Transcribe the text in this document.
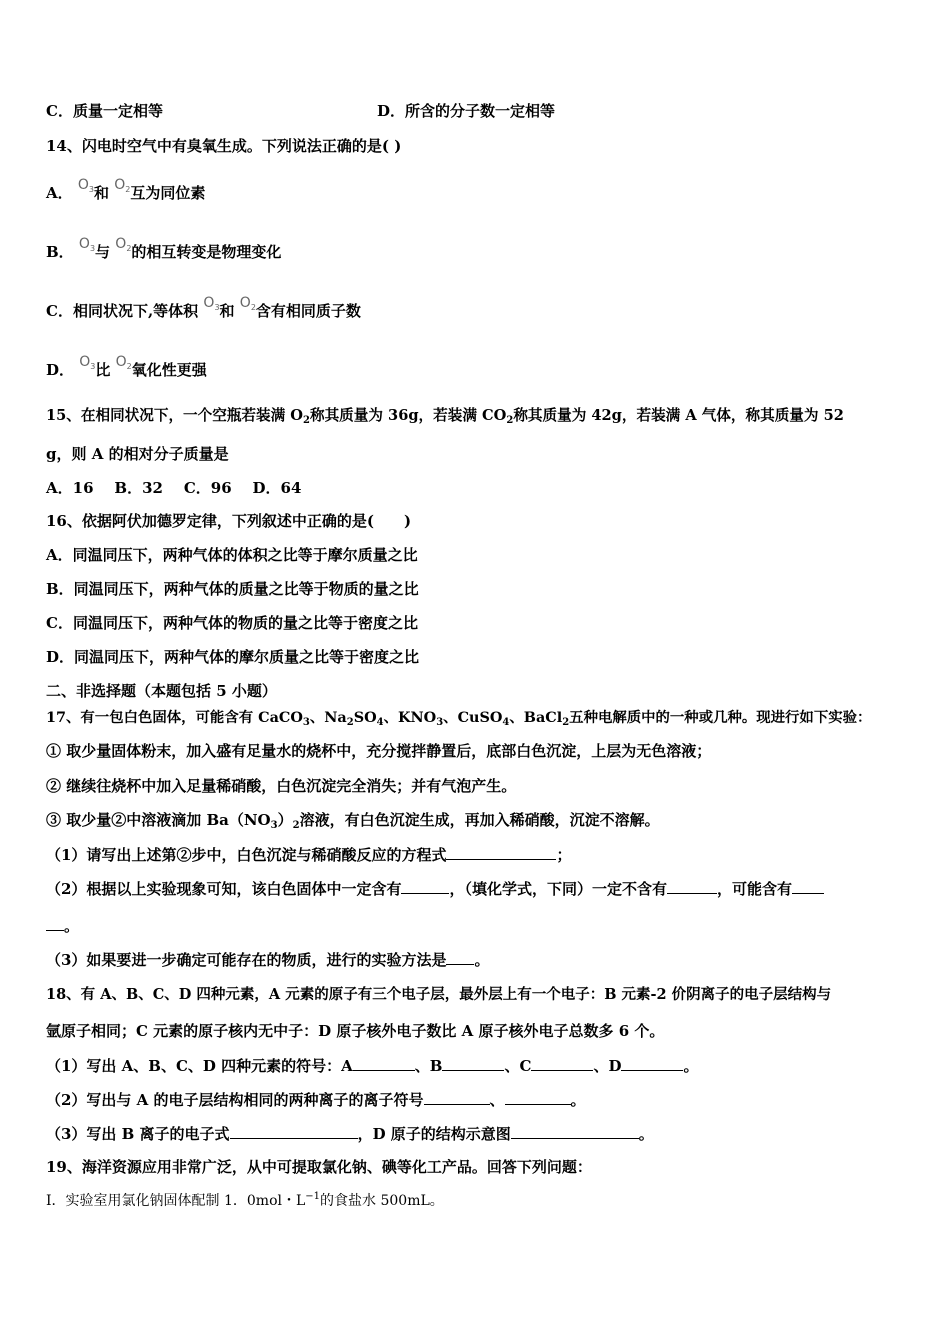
C．质量一定相等	D．所含的分子数一定相等
14、闪电时空气中有臭氧生成。下列说法正确的是( )
A． $O_3$和 $O_2$互为同位素
B． $O_3$与 $O_2$的相互转变是物理变化
C．相同状况下,等体积 $O_3$和 $O_2$含有相同质子数
D． $O_3$比 $O_2$氧化性更强
15、在相同状况下，一个空瓶若装满 $O_2$称其质量为 36g，若装满 $CO_2$称其质量为 42g，若装满 A 气体，称其质量为 52
g，则 A 的相对分子质量是
A．16    B．32    C．96    D．64
16、依据阿伏加德罗定律，下列叙述中正确的是(　　)
A．同温同压下，两种气体的体积之比等于摩尔质量之比
B．同温同压下，两种气体的质量之比等于物质的量之比
C．同温同压下，两种气体的物质的量之比等于密度之比
D．同温同压下，两种气体的摩尔质量之比等于密度之比
二、非选择题（本题包括 5 小题）
17、有一包白色固体，可能含有 CaCO$_3$、$Na_2SO_4$、$KNO_3$、CuSO$_4$、BaCl$_2$五种电解质中的一种或几种。现进行如下实验：
① 取少量固体粉末，加入盛有足量水的烧杯中，充分搅拌静置后，底部白色沉淀，上层为无色溶液；
② 继续往烧杯中加入足量稀硝酸，白色沉淀完全消失；并有气泡产生。
③ 取少量②中溶液滴加 $Ba(NO_3)_2$溶液，有白色沉淀生成，再加入稀硝酸，沉淀不溶解。
（1）请写出上述第②步中，白色沉淀与稀硝酸反应的方程式	；
（2）根据以上实验现象可知，该白色固体中一定含有	，（填化学式，下同）一定不含有	，可能含有
。
（3）如果要进一步确定可能存在的物质，进行的实验方法是 。
18、有 A、B、C、D 四种元素，A 元素的原子有三个电子层，最外层上有一个电子：B 元素-2 价阴离子的电子层结构与
氩原子相同；C 元素的原子核内无中子：D 原子核外电子数比 A 原子核外电子总数多 6 个。
（1）写出 A、B、C、D 四种元素的符号：A	、B	、C	、D	。
（2）写出与 A 的电子层结构相同的两种离子的离子符号	、	。
（3）写出 B 离子的电子式	，D 原子的结构示意图	。
19、海洋资源应用非常广泛，从中可提取氯化钠、碘等化工产品。回答下列问题：
I．实验室用氯化钠固体配制 1．0mol・$L^{-1}$的食盐水 500mL。
